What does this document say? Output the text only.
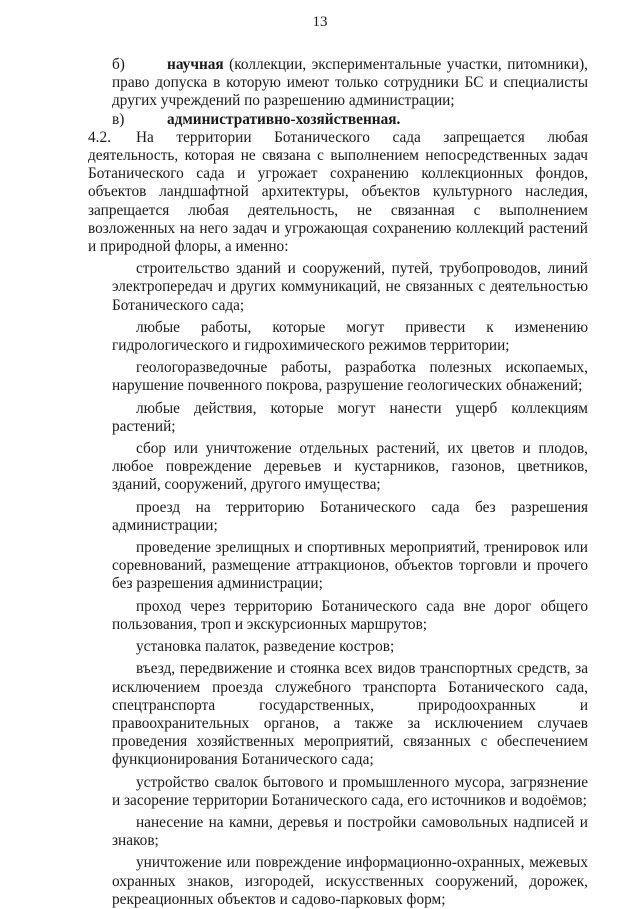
13

б)	научная (коллекции, экспериментальные участки, питомники), право допуска в которую имеют только сотрудники БС и специалисты других учреждений по разрешению администрации;

в)	административно-хозяйственная.

4.2. На территории Ботанического сада запрещается любая деятельность, которая не связана с выполнением непосредственных задач Ботанического сада и угрожает сохранению коллекционных фондов, объектов ландшафтной архитектуры, объектов культурного наследия, запрещается любая деятельность, не связанная с выполнением возложенных на него задач и угрожающая сохранению коллекций растений и природной флоры, а именно:

строительство зданий и сооружений, путей, трубопроводов, линий электропередач и других коммуникаций, не связанных с деятельностью Ботанического сада;

любые работы, которые могут привести к изменению гидрологического и гидрохимического режимов территории;

геологоразведочные работы, разработка полезных ископаемых, нарушение почвенного покрова, разрушение геологических обнажений;

любые действия, которые могут нанести ущерб коллекциям растений;

сбор или уничтожение отдельных растений, их цветов и плодов, любое повреждение деревьев и кустарников, газонов, цветников, зданий, сооружений, другого имущества;

проезд на территорию Ботанического сада без разрешения администрации;

проведение зрелищных и спортивных мероприятий, тренировок или соревнований, размещение аттракционов, объектов торговли и прочего без разрешения администрации;

проход через территорию Ботанического сада вне дорог общего пользования, троп и экскурсионных маршрутов;

установка палаток, разведение костров;

въезд, передвижение и стоянка всех видов транспортных средств, за исключением проезда служебного транспорта Ботанического сада, спецтранспорта государственных, природоохранных и правоохранительных органов, а также за исключением случаев проведения хозяйственных мероприятий, связанных с обеспечением функционирования Ботанического сада;

устройство свалок бытового и промышленного мусора, загрязнение и засорение территории Ботанического сада, его источников и водоёмов;

нанесение на камни, деревья и постройки самовольных надписей и знаков;

уничтожение или повреждение информационно-охранных, межевых охранных знаков, изгородей, искусственных сооружений, дорожек, рекреационных объектов и садово-парковых форм;
